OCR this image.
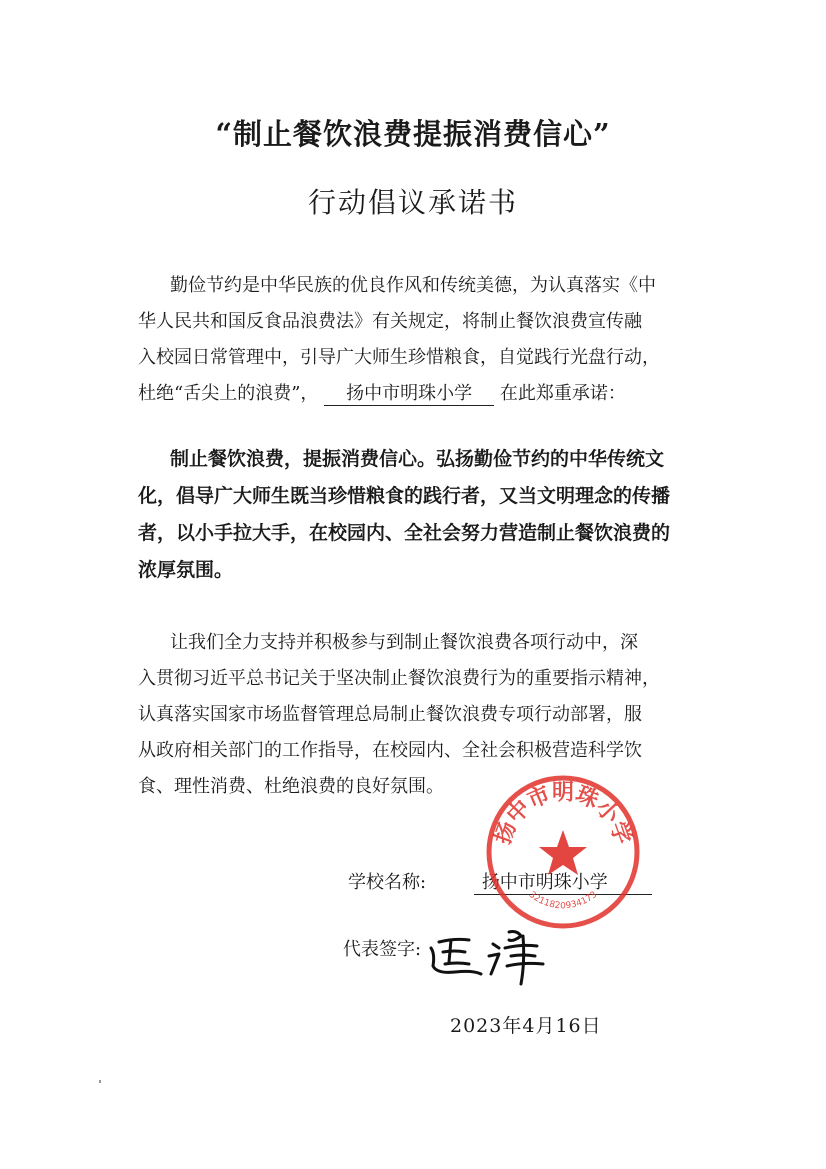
“制止餐饮浪费提振消费信心”
行动倡议承诺书
勤俭节约是中华民族的优良作风和传统美德，为认真落实《中
华人民共和国反食品浪费法》有关规定，将制止餐饮浪费宣传融
入校园日常管理中，引导广大师生珍惜粮食，自觉践行光盘行动，
杜绝“舌尖上的浪费”， 扬中市明珠小学 在此郑重承诺：
制止餐饮浪费，提振消费信心。弘扬勤俭节约的中华传统文
化，倡导广大师生既当珍惜粮食的践行者，又当文明理念的传播
者，以小手拉大手，在校园内、全社会努力营造制止餐饮浪费的
浓厚氛围。
让我们全力支持并积极参与到制止餐饮浪费各项行动中，深
入贯彻习近平总书记关于坚决制止餐饮浪费行为的重要指示精神，
认真落实国家市场监督管理总局制止餐饮浪费专项行动部署，服
从政府相关部门的工作指导，在校园内、全社会积极营造科学饮
食、理性消费、杜绝浪费的良好氛围。
学校名称:	扬中市明珠小学
代表签字:
扬中市明珠小学
3211820934173
2023年4月16日
